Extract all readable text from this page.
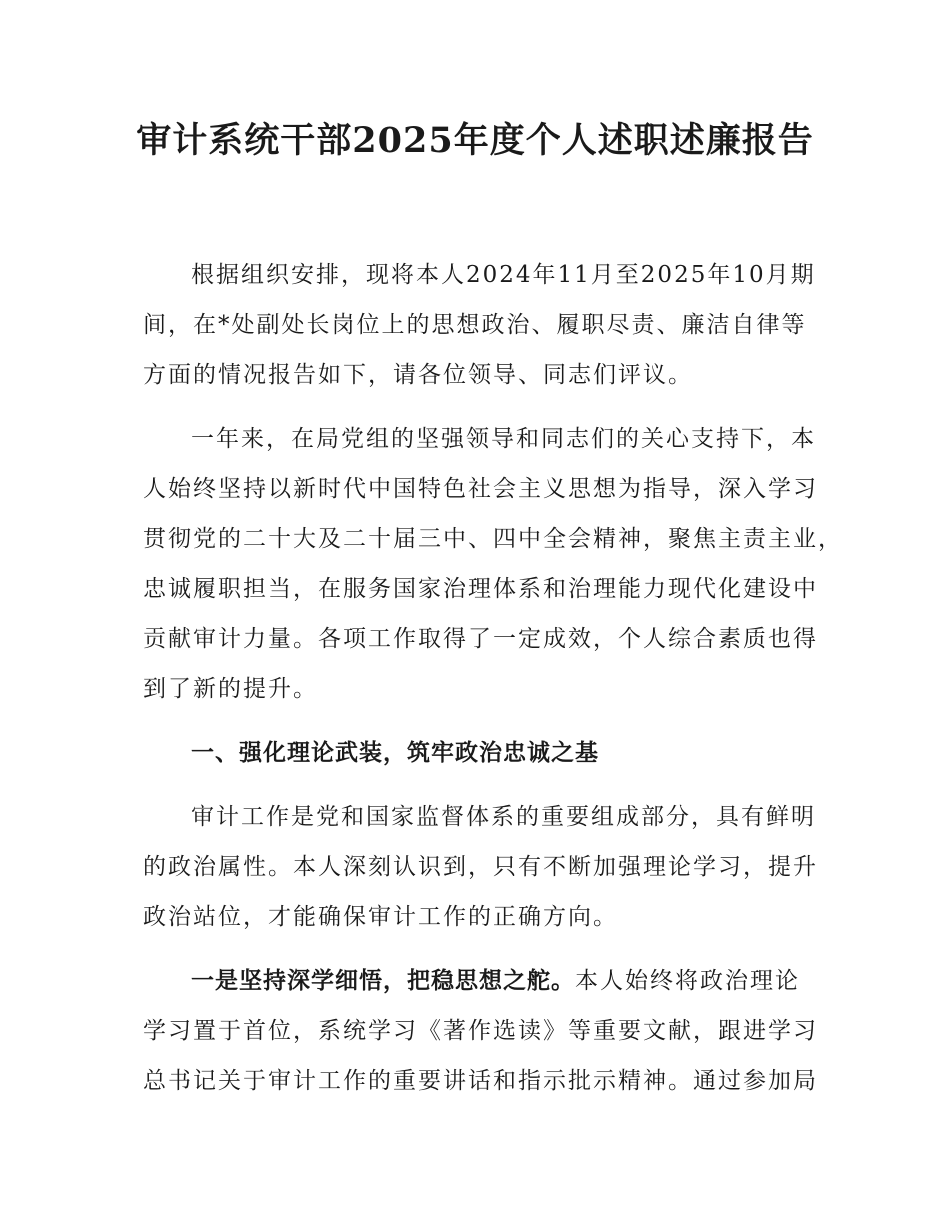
审计系统干部2025年度个人述职述廉报告
根据组织安排，现将本人2024年11月至2025年10月期
间，在*处副处长岗位上的思想政治、履职尽责、廉洁自律等
方面的情况报告如下，请各位领导、同志们评议。
一年来，在局党组的坚强领导和同志们的关心支持下，本
人始终坚持以新时代中国特色社会主义思想为指导，深入学习
贯彻党的二十大及二十届三中、四中全会精神，聚焦主责主业，
忠诚履职担当，在服务国家治理体系和治理能力现代化建设中
贡献审计力量。各项工作取得了一定成效，个人综合素质也得
到了新的提升。
一、强化理论武装，筑牢政治忠诚之基
审计工作是党和国家监督体系的重要组成部分，具有鲜明
的政治属性。本人深刻认识到，只有不断加强理论学习，提升
政治站位，才能确保审计工作的正确方向。
一是坚持深学细悟，把稳思想之舵。本人始终将政治理论
学习置于首位，系统学习《著作选读》等重要文献，跟进学习
总书记关于审计工作的重要讲话和指示批示精神。通过参加局
